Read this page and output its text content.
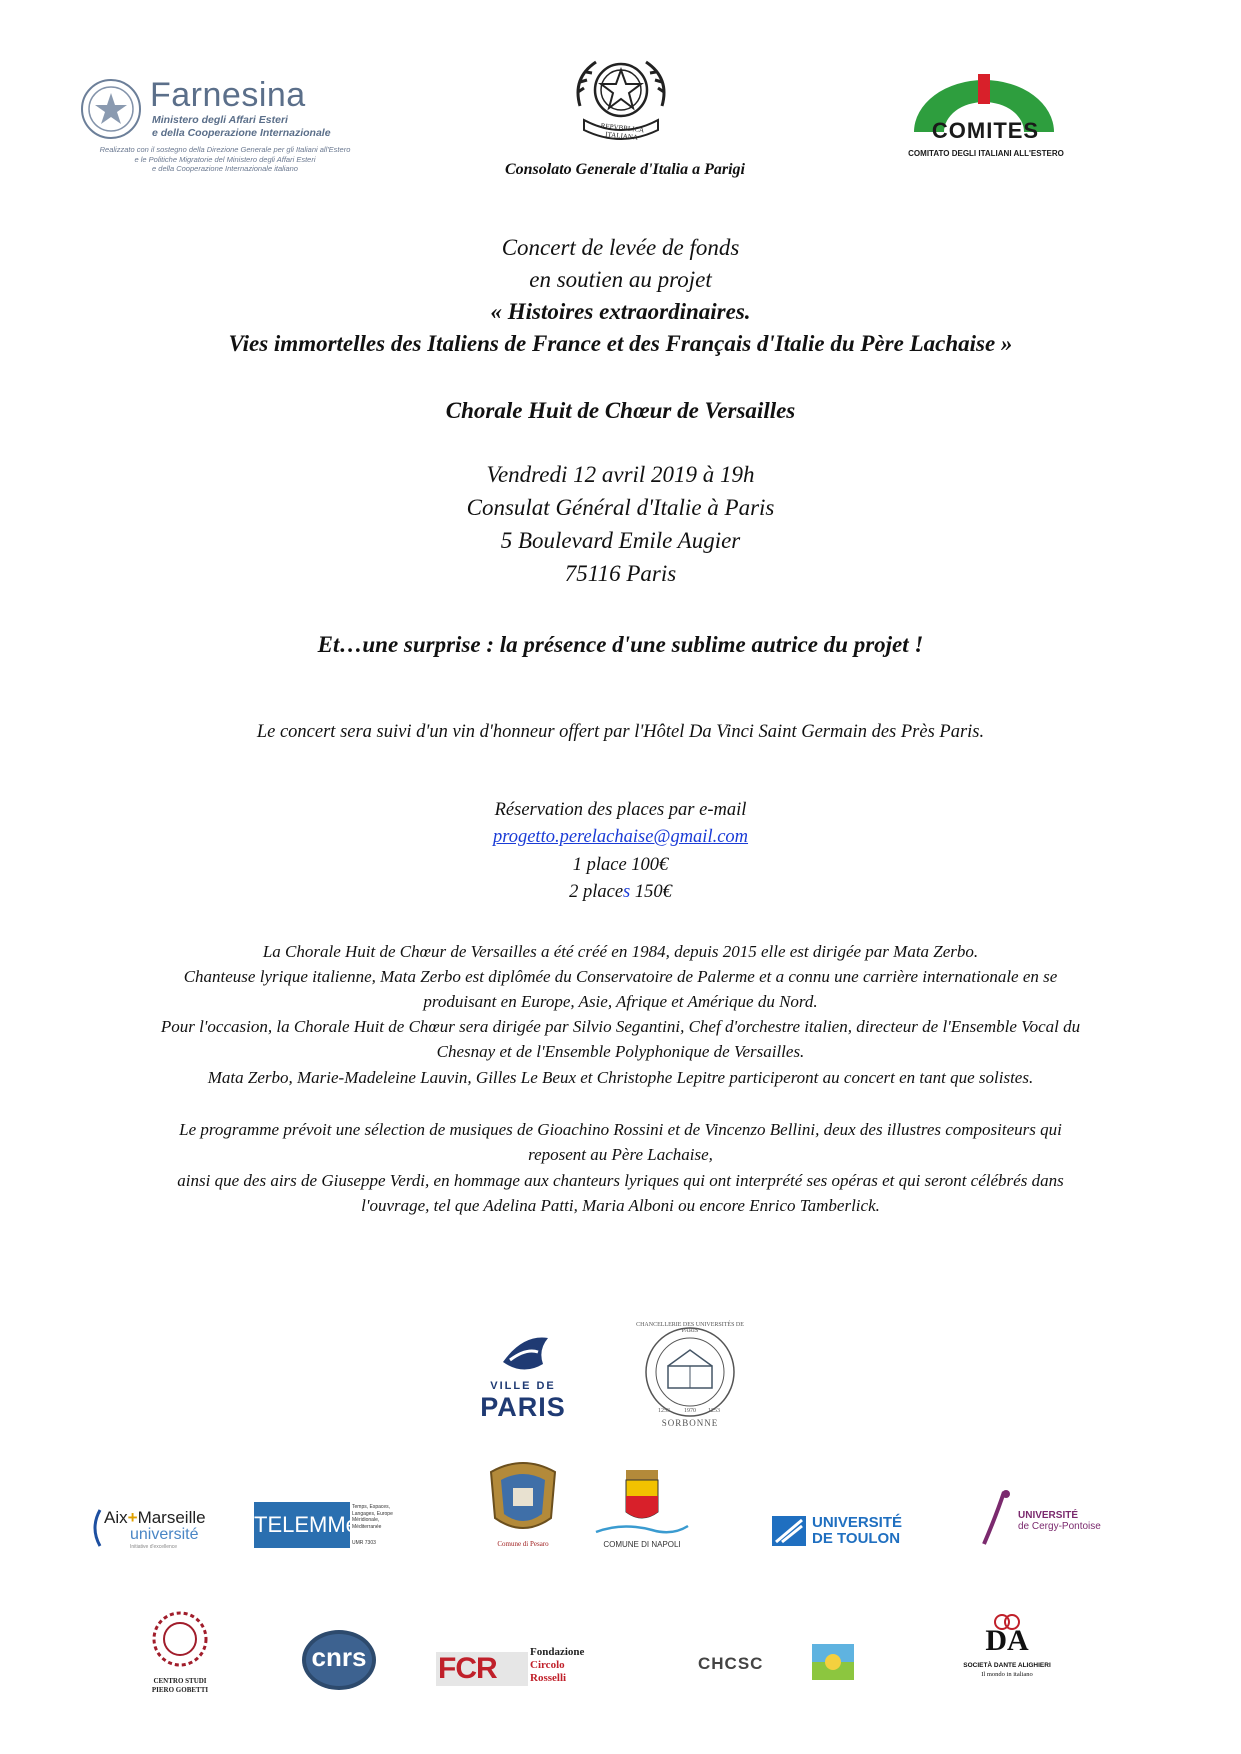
Farnesina
Ministero degli Affari Esteri
e della Cooperazione Internazionale
Realizzato con il sostegno della Direzione Generale per gli Italiani all'Estero
e le Politiche Migratorie del Ministero degli Affari Esteri
e della Cooperazione Internazionale italiano
REPVBBLICA ITALIANA
Consolato Generale d'Italia a Parigi
COMITES
COMITATO DEGLI ITALIANI ALL'ESTERO
Concert de levée de fonds
en soutien au projet
« Histoires extraordinaires.
Vies immortelles des Italiens de France et des Français d'Italie du Père Lachaise »
Chorale Huit de Chœur de Versailles
Vendredi 12 avril 2019 à 19h
Consulat Général d'Italie à Paris
5 Boulevard Emile Augier
75116 Paris
Et…une surprise : la présence d'une sublime autrice du projet !
Le concert sera suivi d'un vin d'honneur offert par l'Hôtel Da Vinci Saint Germain des Près Paris.
Réservation des places par e-mail
progetto.perelachaise@gmail.com
1 place 100€
2 places 150€
La Chorale Huit de Chœur de Versailles a été créé en 1984, depuis 2015 elle est dirigée par Mata Zerbo.
Chanteuse lyrique italienne, Mata Zerbo est diplômée du Conservatoire de Palerme et a connu une carrière internationale en se
produisant en Europe, Asie, Afrique et Amérique du Nord.
Pour l'occasion, la Chorale Huit de Chœur sera dirigée par Silvio Segantini, Chef d'orchestre italien, directeur de l'Ensemble Vocal du
Chesnay et de l'Ensemble Polyphonique de Versailles.
Mata Zerbo, Marie-Madeleine Lauvin, Gilles Le Beux et Christophe Lepitre participeront au concert en tant que solistes.
Le programme prévoit une sélection de musiques de Gioachino Rossini et de Vincenzo Bellini, deux des illustres compositeurs qui
reposent au Père Lachaise,
ainsi que des airs de Giuseppe Verdi, en hommage aux chanteurs lyriques qui ont interprété ses opéras et qui seront célébrés dans
l'ouvrage, tel que Adelina Patti, Maria Alboni ou encore Enrico Tamberlick.
VILLE DE
PARIS
CHANCELLERIE DES UNIVERSITÉS DE PARIS
1253	1970	1253
SORBONNE
Aix+Marseille
université
Initiative d'excellence
TELEMMe
Temps, Espaces, Langages, Europe Méridionale, Méditerranée
UMR 7303	Comune di Pesaro	COMUNE DI NAPOLI
UNIVERSITÉ
DE TOULON
UNIVERSITÉ
de Cergy-Pontoise
CENTRO STUDI
PIERO GOBETTI
cnrs	FCR	Fondazione
Circolo
Rosselli
CHCSC
DA
SOCIETÀ DANTE ALIGHIERI
Il mondo in italiano
